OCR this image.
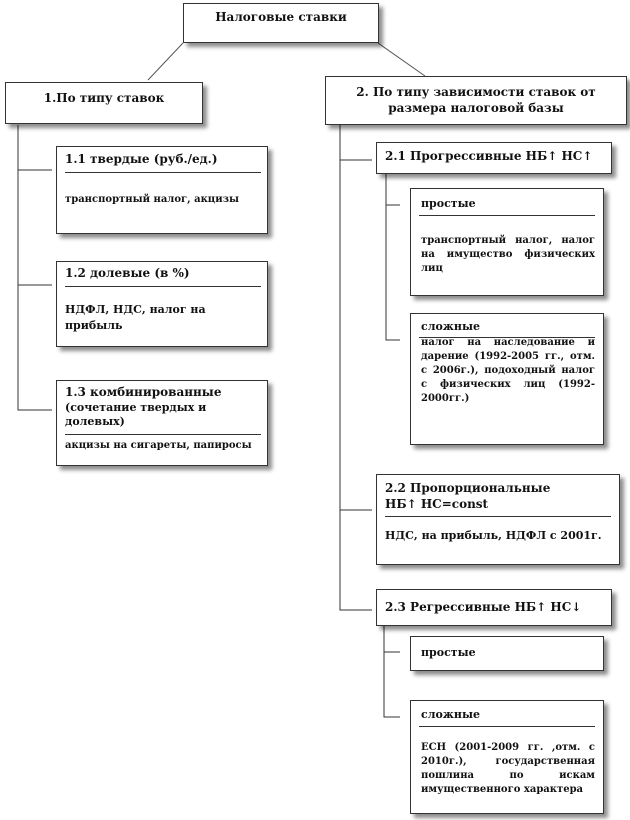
Налоговые ставки
1.По типу ставок
1.1 твердые (руб./ед.)
транспортный налог, акцизы
1.2 долевые (в %)
НДФЛ, НДС, налог на прибыль
1.3 комбинированные
(сочетание твердых и долевых)
акцизы на сигареты, папиросы
2. По типу зависимости ставок от
размера налоговой базы
2.1 Прогрессивные НБ↑ НС↑
простые
транспортный налог, налог на имущество физических лиц
сложные
налог на наследование и дарение (1992-2005 гг., отм. с 2006г.), подоходный налог с физических лиц (1992-2000гг.)
2.2 Пропорциональные
НБ↑ НС=const
НДС, на прибыль, НДФЛ с 2001г.
2.3 Регрессивные НБ↑ НС↓
простые
сложные
ЕСН (2001-2009 гг. ,отм. с 2010г.), государственная пошлина по искам имущественного характера
